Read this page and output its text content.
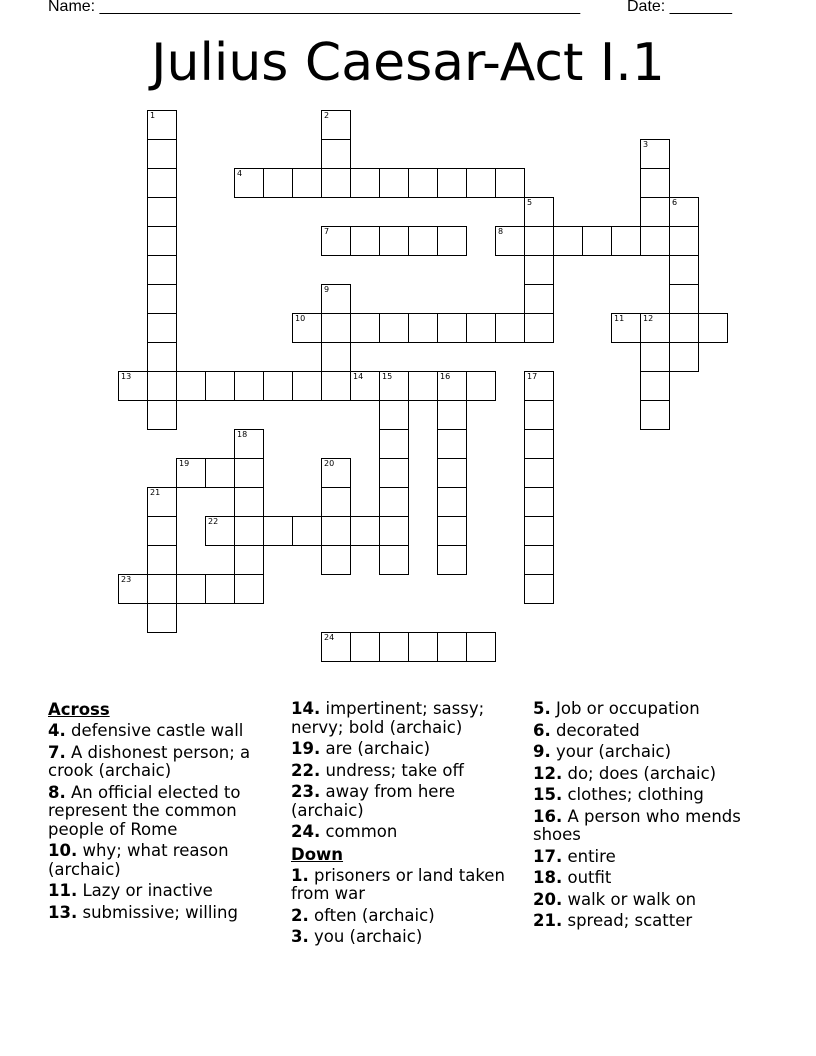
Name: ______________________________________________________	Date: _______
Julius Caesar-Act I.1
1	2
3
4
5	6
7	8
9
10	11 12
13	14 15	16	17
18
19	20
21
22
23
24
Across
4. defensive castle wall
7. A dishonest person; a crook (archaic)
8. An official elected to represent the common people of Rome
10. why; what reason (archaic)
11. Lazy or inactive
13. submissive; willing
14. impertinent; sassy; nervy; bold (archaic)
19. are (archaic)
22. undress; take off
23. away from here (archaic)
24. common
Down
1. prisoners or land taken from war
2. often (archaic)
3. you (archaic)
5. Job or occupation
6. decorated
9. your (archaic)
12. do; does (archaic)
15. clothes; clothing
16. A person who mends shoes
17. entire
18. outfit
20. walk or walk on
21. spread; scatter
